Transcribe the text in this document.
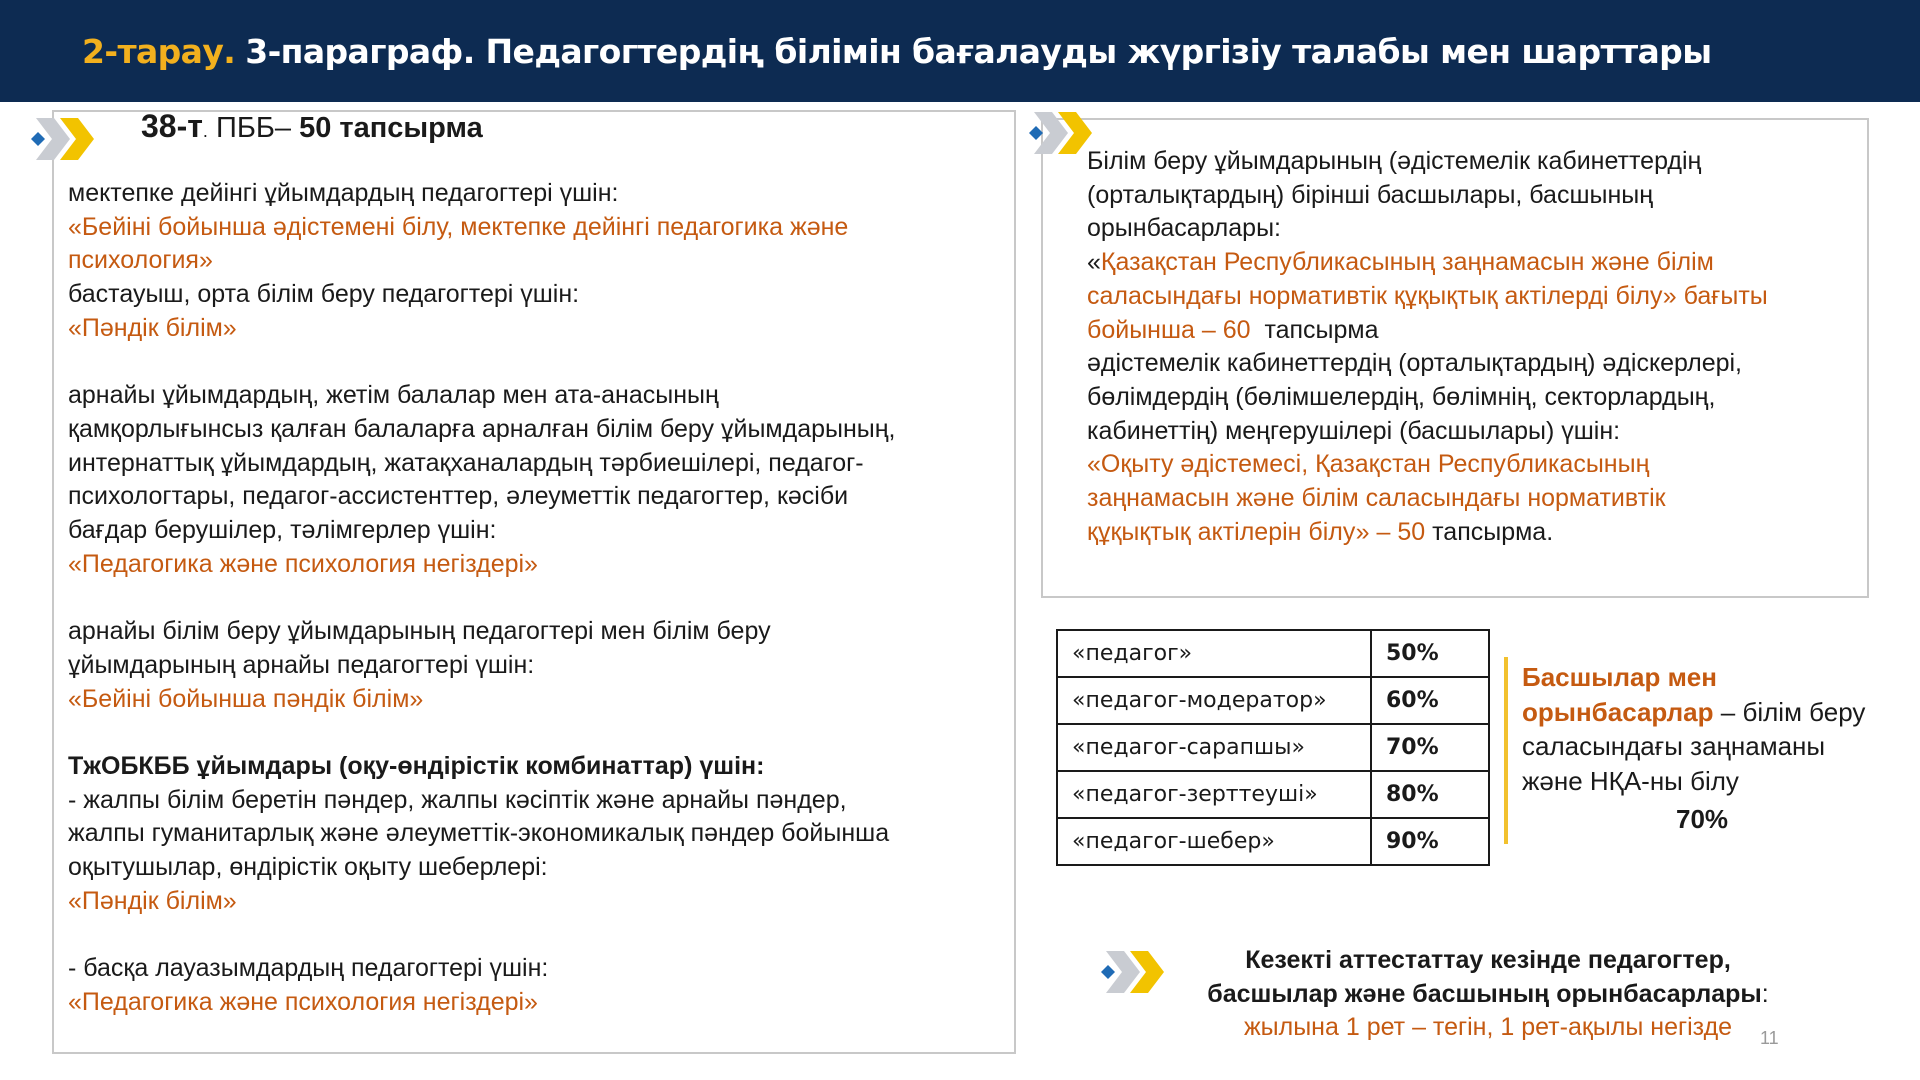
2-тарау. 3-параграф. Педагогтердің білімін бағалауды жүргізіу талабы мен шарттары
38-т. ПББ– 50 тапсырма
мектепке дейінгі ұйымдардың педагогтері үшін:
«Бейіні бойынша әдістемені білу, мектепке дейінгі педагогика және
психология»
бастауыш, орта білім беру педагогтері үшін:
«Пәндік білім»
арнайы ұйымдардың, жетім балалар мен ата-анасының
қамқорлығынсыз қалған балаларға арналған білім беру ұйымдарының,
интернаттық ұйымдардың, жатақханалардың тәрбиешілері, педагог-
психологтары, педагог-ассистенттер, әлеуметтік педагогтер, кәсіби
бағдар берушілер, тәлімгерлер үшін:
«Педагогика және психология негіздері»
арнайы білім беру ұйымдарының педагогтері мен білім беру
ұйымдарының арнайы педагогтері үшін:
«Бейіні бойынша пәндік білім»
ТжОБКББ ұйымдары (оқу-өндірістік комбинаттар) үшін:
- жалпы білім беретін пәндер, жалпы кәсіптік және арнайы пәндер,
жалпы гуманитарлық және әлеуметтік-экономикалық пәндер бойынша
оқытушылар, өндірістік оқыту шеберлері:
«Пәндік білім»
- басқа лауазымдардың педагогтері үшін:
«Педагогика және психология негіздері»
Білім беру ұйымдарының (әдістемелік кабинеттердің
(орталықтардың) бірінші басшылары, басшының
орынбасарлары:
«Қазақстан Республикасының заңнамасын және білім
саласындағы нормативтік құқықтық актілерді білу» бағыты
бойынша – 60 тапсырма
әдістемелік кабинеттердің (орталықтардың) әдіскерлері,
бөлімдердің (бөлімшелердің, бөлімнің, секторлардың,
кабинеттің) меңгерушілері (басшылары) үшін:
«Оқыту әдістемесі, Қазақстан Республикасының
заңнамасын және білім саласындағы нормативтік
құқықтық актілерін білу» – 50 тапсырма.
«педагог»	50%
«педагог-модератор»	60%
«педагог-сарапшы»	70%
«педагог-зерттеуші»	80%
«педагог-шебер»	90%
Басшылар мен
орынбасарлар – білім беру
саласындағы заңнаманы
және НҚА-ны білу
70%
Кезекті аттестаттау кезінде педагогтер,
басшылар және басшының орынбасарлары:
жылына 1 рет – тегін, 1 рет-ақылы негізде	11
